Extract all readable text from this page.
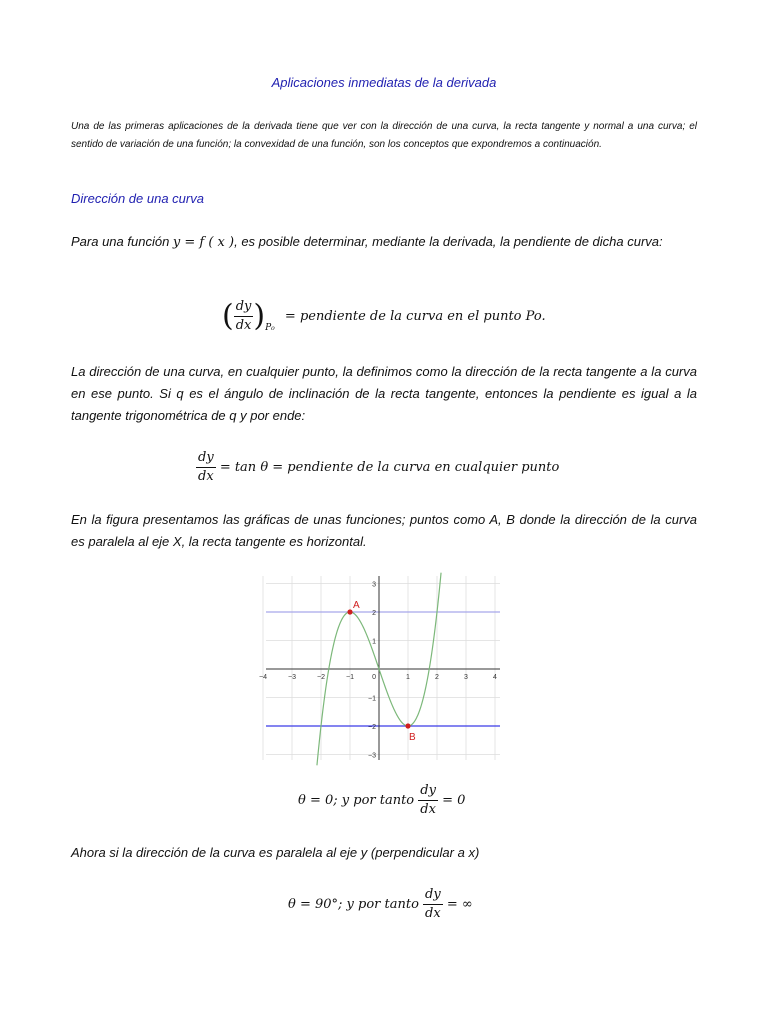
Aplicaciones inmediatas de la derivada
Una de las primeras aplicaciones de la derivada tiene que ver con la dirección de una curva, la recta tangente y normal a una curva; el sentido de variación de una función; la convexidad de una función, son los conceptos que expondremos a continuación.
Dirección de una curva
Para una función y = f ( x ), es posible determinar, mediante la derivada, la pendiente de dicha curva:
( $\frac{dy}{dx} )_{P_0}$ = pendiente de la curva en el punto Po.
La dirección de una curva, en cualquier punto, la definimos como la dirección de la recta tangente a la curva en ese punto. Si q es el ángulo de inclinación de la recta tangente, entonces la pendiente es igual a la tangente trigonométrica de q y por ende:
$\frac{dy}{dx} = \tan \theta$ = pendiente de la curva en cualquier punto
En la figura presentamos las gráficas de unas funciones; puntos como A, B donde la dirección de la curva es paralela al eje X, la recta tangente es horizontal.
−4	−3	−2	−1	0	1	2	3	4
3
2
1
−1
−2
−3
A
B
θ = 0; y por tanto $\frac{dy}{dx} = 0$
Ahora si la dirección de la curva es paralela al eje y (perpendicular a x)
θ = 90°; y por tanto $\frac{dy}{dx}$ = ∞
